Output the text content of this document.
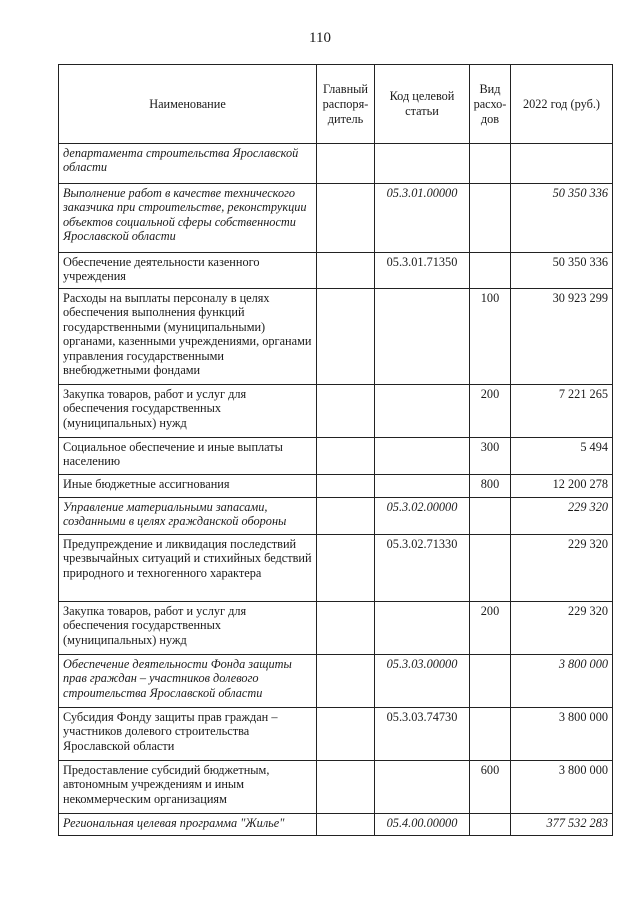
110
Наименование	Главный распоря- дитель	Код целевой статьи	Вид расхо- дов	2022 год (руб.)
департамента строительства Ярославской области				
Выполнение работ в качестве технического заказчика при строительстве, реконструкции объектов социальной сферы собственности Ярославской области		05.3.01.00000		50 350 336
Обеспечение деятельности казенного учреждения		05.3.01.71350		50 350 336
Расходы на выплаты персоналу в целях обеспечения выполнения функций государственными (муниципальными) органами, казенными учреждениями, органами управления государственными внебюджетными фондами			100	30 923 299
Закупка товаров, работ и услуг для обеспечения государственных (муниципальных) нужд			200	7 221 265
Социальное обеспечение и иные выплаты населению			300	5 494
Иные бюджетные ассигнования			800	12 200 278
Управление материальными запасами, созданными в целях гражданской обороны		05.3.02.00000		229 320
Предупреждение и ликвидация последствий чрезвычайных ситуаций и стихийных бедствий природного и техногенного характера		05.3.02.71330		229 320
Закупка товаров, работ и услуг для обеспечения государственных (муниципальных) нужд			200	229 320
Обеспечение деятельности Фонда защиты прав граждан – участников долевого строительства Ярославской области		05.3.03.00000		3 800 000
Субсидия Фонду защиты прав граждан – участников долевого строительства Ярославской области		05.3.03.74730		3 800 000
Предоставление субсидий бюджетным, автономным учреждениям и иным некоммерческим организациям			600	3 800 000
Региональная целевая программа "Жилье"		05.4.00.00000		377 532 283
